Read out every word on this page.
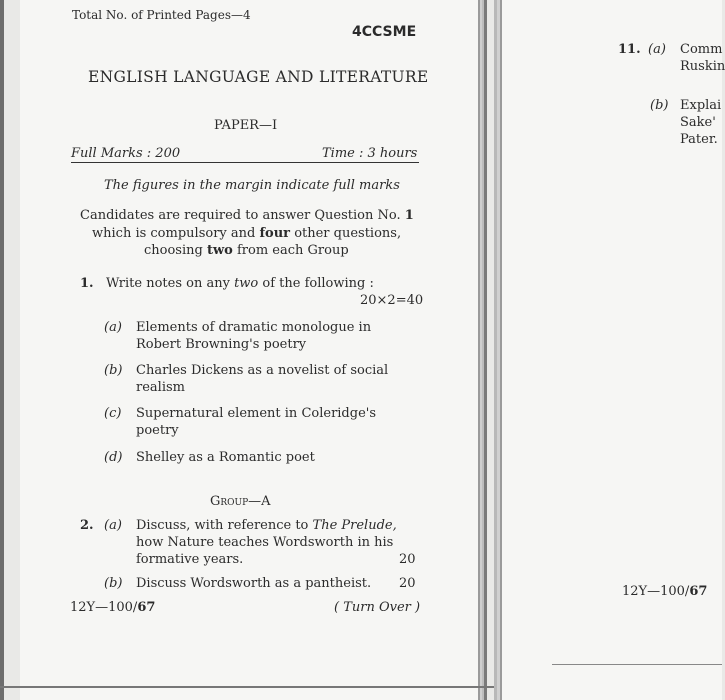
Total No. of Printed Pages—4
4CCSME
ENGLISH LANGUAGE AND LITERATURE
PAPER—I
Full Marks : 200	Time : 3 hours
The figures in the margin indicate full marks
Candidates are required to answer Question No. 1
which is compulsory and four other questions,
choosing two from each Group
1. Write notes on any two of the following :
20×2=40
(a) Elements of dramatic monologue in
Robert Browning's poetry
(b) Charles Dickens as a novelist of social
realism
(c) Supernatural element in Coleridge's
poetry
(d) Shelley as a Romantic poet
Group—A
2. (a) Discuss, with reference to The Prelude,
how Nature teaches Wordsworth in his
formative years.	20
(b) Discuss Wordsworth as a pantheist. 20
12Y—100/67	( Turn Over )
11. (a) Comm
Ruskin
(b) Explai
Sake'
Pater.
12Y—100/67
